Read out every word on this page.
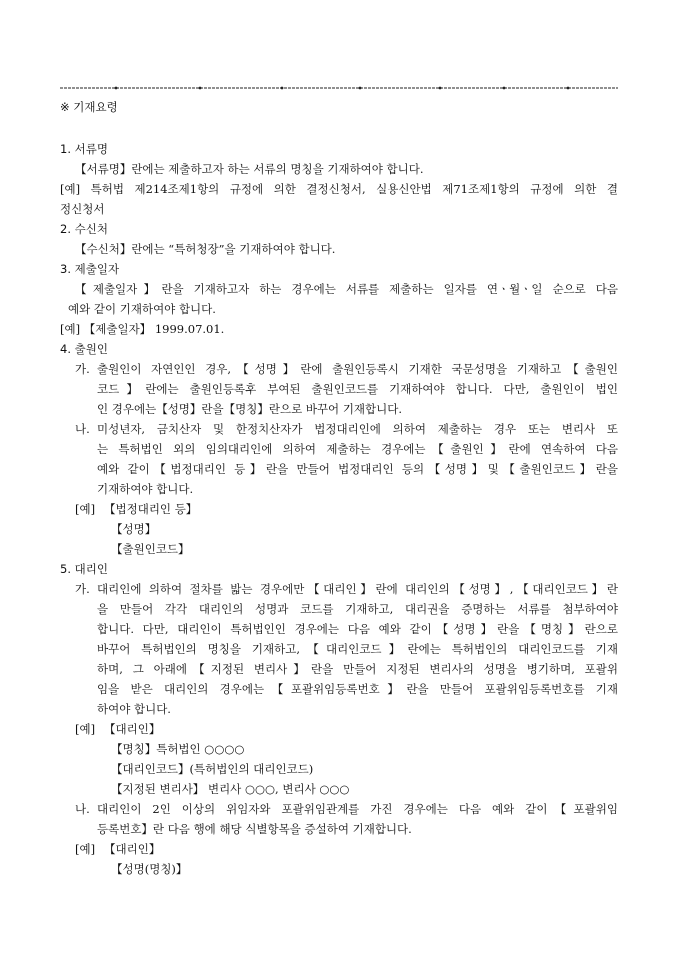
※ 기재요령
1. 서류명
【서류명】란에는 제출하고자 하는 서류의 명칭을 기재하여야 합니다.
[예] 특허법 제214조제1항의 규정에 의한 결정신청서, 실용신안법 제71조제1항의 규정에 의한 결
정신청서
2. 수신처
【수신처】란에는 “특허청장”을 기재하여야 합니다.
3. 제출일자
【제출일자】란을 기재하고자 하는 경우에는 서류를 제출하는 일자를 연ㆍ월ㆍ일 순으로 다음
예와 같이 기재하여야 합니다.
[예] 【제출일자】 1999.07.01.
4. 출원인
가. 출원인이 자연인인 경우,【성명】란에 출원인등록시 기재한 국문성명을 기재하고【출원인
코드】란에는 출원인등록후 부여된 출원인코드를 기재하여야 합니다. 다만, 출원인이 법인
인 경우에는【성명】란을【명칭】란으로 바꾸어 기재합니다.
나. 미성년자, 금치산자 및 한정치산자가 법정대리인에 의하여 제출하는 경우 또는 변리사 또
는 특허법인 외의 임의대리인에 의하여 제출하는 경우에는【출원인】란에 연속하여 다음
예와 같이【법정대리인 등】란을 만들어 법정대리인 등의【성명】및【출원인코드】란을
기재하여야 합니다.
[예] 【법정대리인 등】
【성명】
【출원인코드】
5. 대리인
가. 대리인에 의하여 절차를 밟는 경우에만【대리인】란에 대리인의【성명】,【대리인코드】란
을 만들어 각각 대리인의 성명과 코드를 기재하고, 대리권을 증명하는 서류를 첨부하여야
합니다. 다만, 대리인이 특허법인인 경우에는 다음 예와 같이【성명】란을【명칭】란으로
바꾸어 특허법인의 명칭을 기재하고,【대리인코드】란에는 특허법인의 대리인코드를 기재
하며, 그 아래에【지정된 변리사】란을 만들어 지정된 변리사의 성명을 병기하며, 포괄위
임을 받은 대리인의 경우에는【포괄위임등록번호】란을 만들어 포괄위임등록번호를 기재
하여야 합니다.
[예] 【대리인】
【명칭】특허법인 ○○○○
【대리인코드】(특허법인의 대리인코드)
【지정된 변리사】 변리사 ○○○, 변리사 ○○○
나. 대리인이 2인 이상의 위임자와 포괄위임관계를 가진 경우에는 다음 예와 같이【포괄위임
등록번호】란 다음 행에 해당 식별항목을 증설하여 기재합니다.
[예] 【대리인】
【성명(명칭)】
